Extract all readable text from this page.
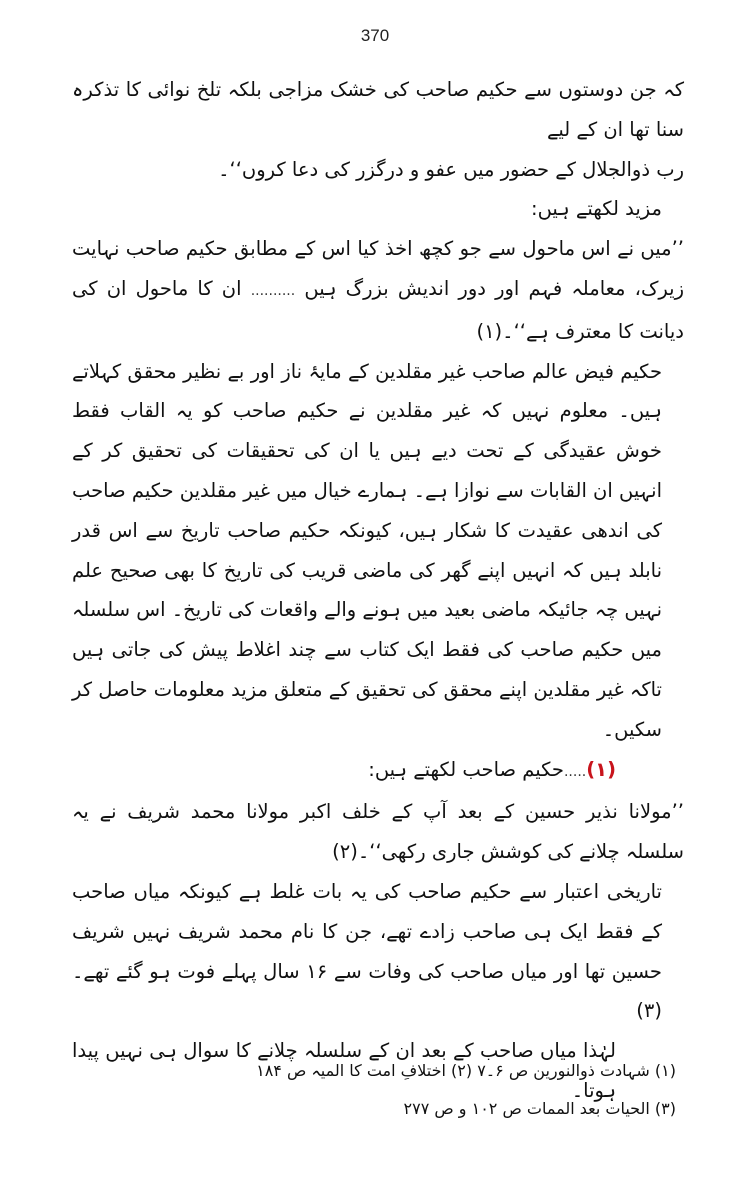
370

کہ جن دوستوں سے حکیم صاحب کی خشک مزاجی بلکہ تلخ نوائی کا تذکرہ سنا تھا ان کے لیے
رب ذوالجلال کے حضور میں عفو و درگزر کی دعا کروں‘‘۔

مزید لکھتے ہیں:

’’میں نے اس ماحول سے جو کچھ اخذ کیا اس کے مطابق حکیم صاحب نہایت زیرک، معاملہ فہم اور دور اندیش بزرگ ہیں .......... ان کا ماحول ان کی دیانت کا معترف ہے‘‘۔(۱)

حکیم فیض عالم صاحب غیر مقلدین کے مایۂ ناز اور بے نظیر محقق کہلاتے ہیں۔ معلوم نہیں کہ غیر مقلدین نے حکیم صاحب کو یہ القاب فقط خوش عقیدگی کے تحت دیے ہیں یا ان کی تحقیقات کی تحقیق کر کے انہیں ان القابات سے نوازا ہے۔ ہمارے خیال میں غیر مقلدین حکیم صاحب کی اندھی عقیدت کا شکار ہیں، کیونکہ حکیم صاحب تاریخ سے اس قدر نابلد ہیں کہ انہیں اپنے گھر کی ماضی قریب کی تاریخ کا بھی صحیح علم نہیں چہ جائیکہ ماضی بعید میں ہونے والے واقعات کی تاریخ۔ اس سلسلہ میں حکیم صاحب کی فقط ایک کتاب سے چند اغلاط پیش کی جاتی ہیں تاکہ غیر مقلدین اپنے محقق کی تحقیق کے متعلق مزید معلومات حاصل کر سکیں۔

(۱).....حکیم صاحب لکھتے ہیں:

’’مولانا نذیر حسین کے بعد آپ کے خلف اکبر مولانا محمد شریف نے یہ سلسلہ چلانے کی کوشش جاری رکھی‘‘۔(۲)

تاریخی اعتبار سے حکیم صاحب کی یہ بات غلط ہے کیونکہ میاں صاحب کے فقط ایک ہی صاحب زادے تھے، جن کا نام محمد شریف نہیں شریف حسین تھا اور میاں صاحب کی وفات سے ۱۶ سال پہلے فوت ہو گئے تھے۔(۳)

لہٰذا میاں صاحب کے بعد ان کے سلسلہ چلانے کا سوال ہی نہیں پیدا ہوتا۔

(۱) شہادت ذوالنورین ص ۶۔۷ (۲) اختلافِ امت کا المیہ ص ۱۸۴

(۳) الحیات بعد الممات ص ۱۰۲ و ص ۲۷۷
